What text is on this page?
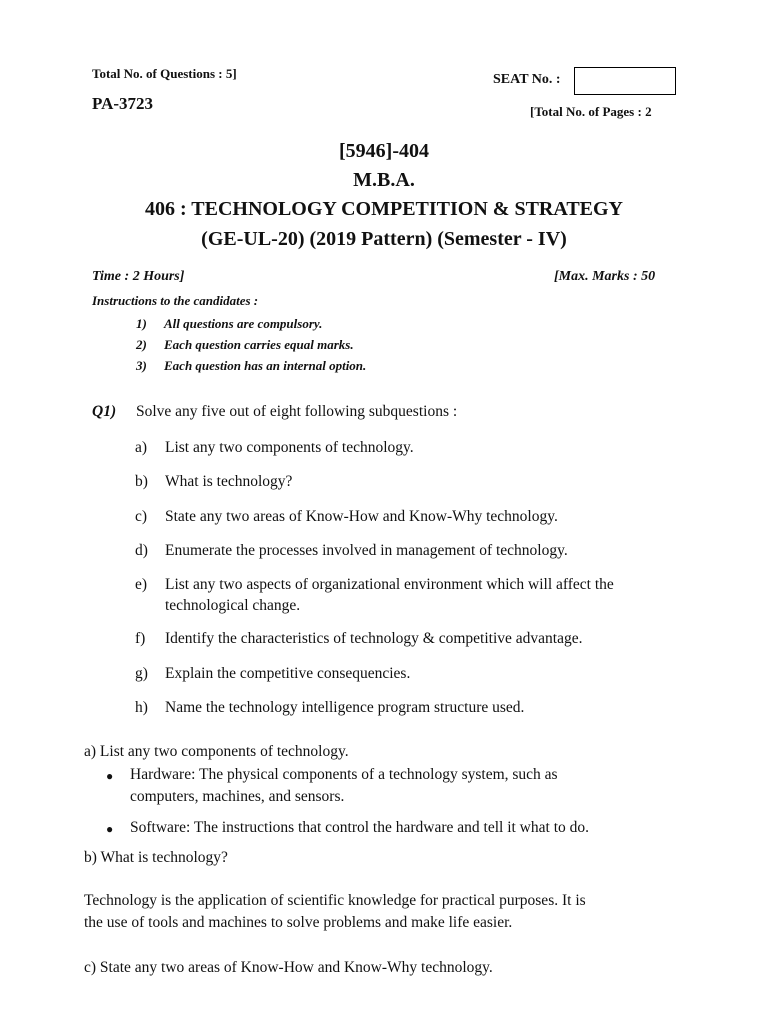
Total No. of Questions : 5]
PA-3723
SEAT No. :
[Total No. of Pages : 2
[5946]-404
M.B.A.
406 : TECHNOLOGY COMPETITION & STRATEGY
(GE-UL-20) (2019 Pattern) (Semester - IV)
Time : 2 Hours]	[Max. Marks : 50
Instructions to the candidates :
1) All questions are compulsory.
2) Each question carries equal marks.
3) Each question has an internal option.
Q1) Solve any five out of eight following subquestions :
a) List any two components of technology.
b) What is technology?
c) State any two areas of Know-How and Know-Why technology.
d) Enumerate the processes involved in management of technology.
e) List any two aspects of organizational environment which will affect the
technological change.
f) Identify the characteristics of technology & competitive advantage.
g) Explain the competitive consequencies.
h) Name the technology intelligence program structure used.
a) List any two components of technology.
● Hardware: The physical components of a technology system, such as
computers, machines, and sensors.
● Software: The instructions that control the hardware and tell it what to do.
b) What is technology?
Technology is the application of scientific knowledge for practical purposes. It is
the use of tools and machines to solve problems and make life easier.
c) State any two areas of Know-How and Know-Why technology.
